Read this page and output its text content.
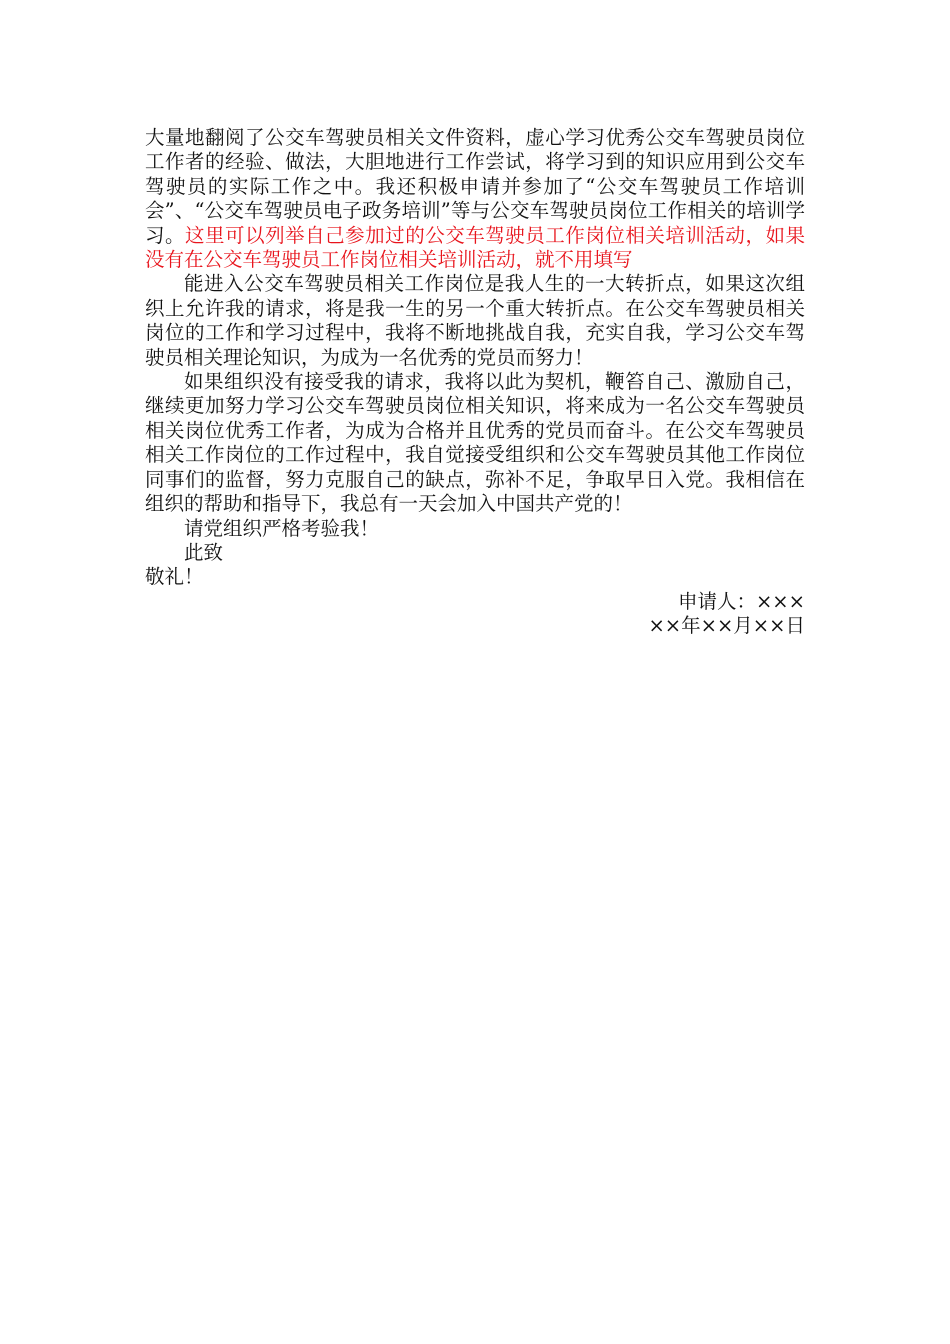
大量地翻阅了公交车驾驶员相关文件资料，虚心学习优秀公交车驾驶员岗位工作者的经验、做法，大胆地进行工作尝试，将学习到的知识应用到公交车驾驶员的实际工作之中。我还积极申请并参加了“公交车驾驶员工作培训会”、“公交车驾驶员电子政务培训”等与公交车驾驶员岗位工作相关的培训学习。这里可以列举自己参加过的公交车驾驶员工作岗位相关培训活动，如果没有在公交车驾驶员工作岗位相关培训活动，就不用填写

能进入公交车驾驶员相关工作岗位是我人生的一大转折点，如果这次组织上允许我的请求，将是我一生的另一个重大转折点。在公交车驾驶员相关岗位的工作和学习过程中，我将不断地挑战自我，充实自我，学习公交车驾驶员相关理论知识，为成为一名优秀的党员而努力！

如果组织没有接受我的请求，我将以此为契机，鞭笞自己、激励自己，继续更加努力学习公交车驾驶员岗位相关知识，将来成为一名公交车驾驶员相关岗位优秀工作者，为成为合格并且优秀的党员而奋斗。在公交车驾驶员相关工作岗位的工作过程中，我自觉接受组织和公交车驾驶员其他工作岗位同事们的监督，努力克服自己的缺点，弥补不足，争取早日入党。我相信在组织的帮助和指导下，我总有一天会加入中国共产党的！

请党组织严格考验我！

此致

敬礼！

申请人：×××

××年××月××日
